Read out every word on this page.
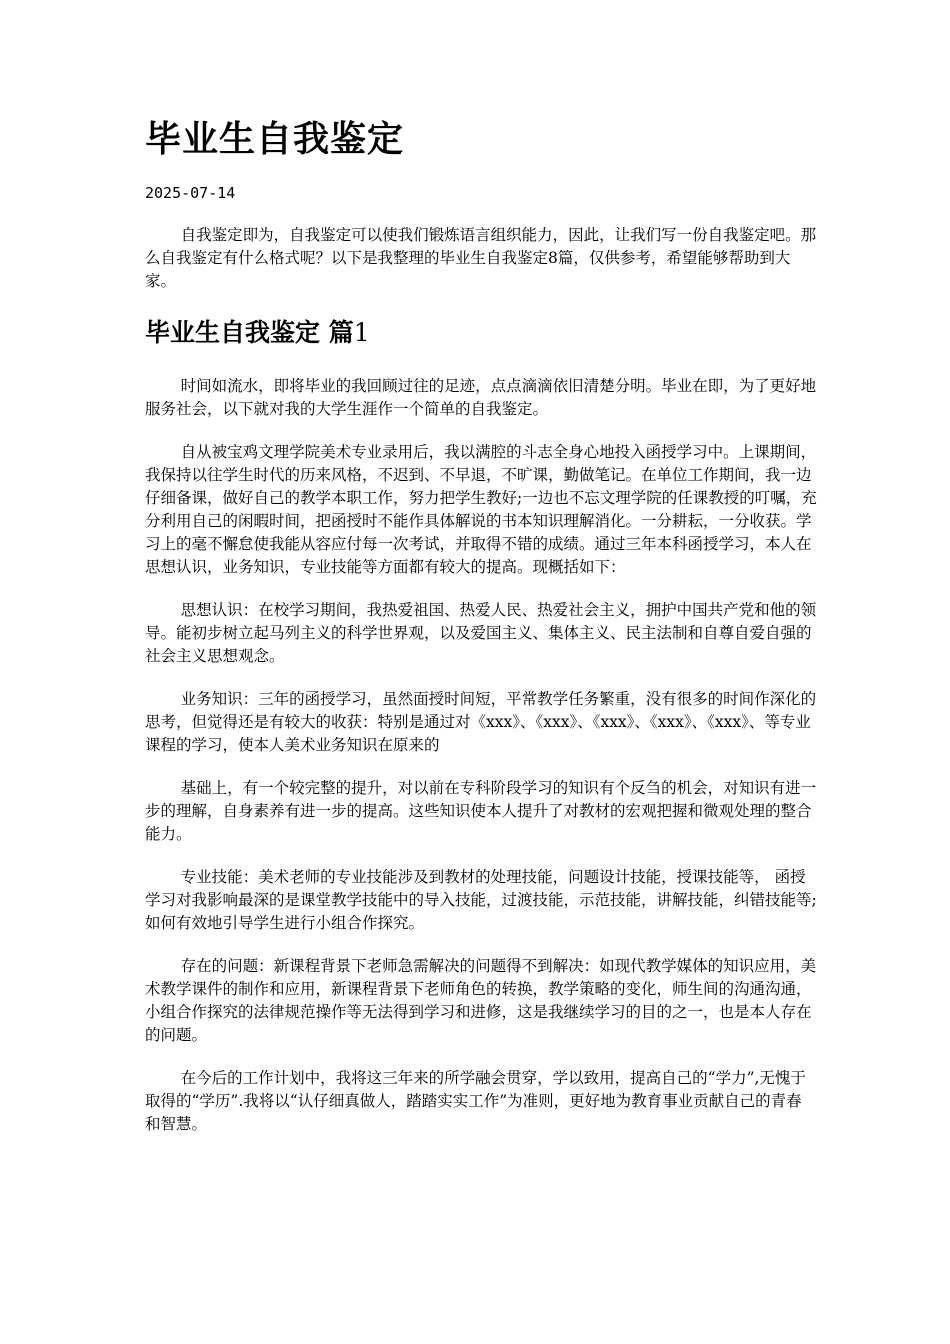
毕业生自我鉴定
2025-07-14

自我鉴定即为，自我鉴定可以使我们锻炼语言组织能力，因此，让我们写一份自我鉴定吧。那么自我鉴定有什么格式呢？以下是我整理的毕业生自我鉴定8篇，仅供参考，希望能够帮助到大家。

毕业生自我鉴定 篇1

时间如流水，即将毕业的我回顾过往的足迹，点点滴滴依旧清楚分明。毕业在即，为了更好地服务社会，以下就对我的大学生涯作一个简单的自我鉴定。

自从被宝鸡文理学院美术专业录用后，我以满腔的斗志全身心地投入函授学习中。上课期间，我保持以往学生时代的历来风格，不迟到、不早退，不旷课，勤做笔记。在单位工作期间，我一边仔细备课，做好自己的教学本职工作，努力把学生教好;一边也不忘文理学院的任课教授的叮嘱，充分利用自己的闲暇时间，把函授时不能作具体解说的书本知识理解消化。一分耕耘，一分收获。学习上的毫不懈怠使我能从容应付每一次考试，并取得不错的成绩。通过三年本科函授学习，本人在思想认识，业务知识，专业技能等方面都有较大的提高。现概括如下：

思想认识：在校学习期间，我热爱祖国、热爱人民、热爱社会主义，拥护中国共产党和他的领导。能初步树立起马列主义的科学世界观，以及爱国主义、集体主义、民主法制和自尊自爱自强的社会主义思想观念。

业务知识：三年的函授学习，虽然面授时间短，平常教学任务繁重，没有很多的时间作深化的思考，但觉得还是有较大的收获：特别是通过对《xxx》、《xxx》、《xxx》、《xxx》、《xxx》、等专业课程的学习，使本人美术业务知识在原来的

基础上，有一个较完整的提升，对以前在专科阶段学习的知识有个反刍的机会，对知识有进一步的理解，自身素养有进一步的提高。这些知识使本人提升了对教材的宏观把握和微观处理的整合能力。

专业技能：美术老师的专业技能涉及到教材的处理技能，问题设计技能，授课技能等， 函授学习对我影响最深的是课堂教学技能中的导入技能，过渡技能，示范技能，讲解技能，纠错技能等;如何有效地引导学生进行小组合作探究。

存在的问题：新课程背景下老师急需解决的问题得不到解决：如现代教学媒体的知识应用，美术教学课件的制作和应用，新课程背景下老师角色的转换，教学策略的变化，师生间的沟通沟通，小组合作探究的法律规范操作等无法得到学习和进修，这是我继续学习的目的之一，也是本人存在的问题。

在今后的工作计划中，我将这三年来的所学融会贯穿，学以致用，提高自己的“学力”,无愧于取得的“学历”.我将以“认仔细真做人，踏踏实实工作”为准则，更好地为教育事业贡献自己的青春和智慧。
